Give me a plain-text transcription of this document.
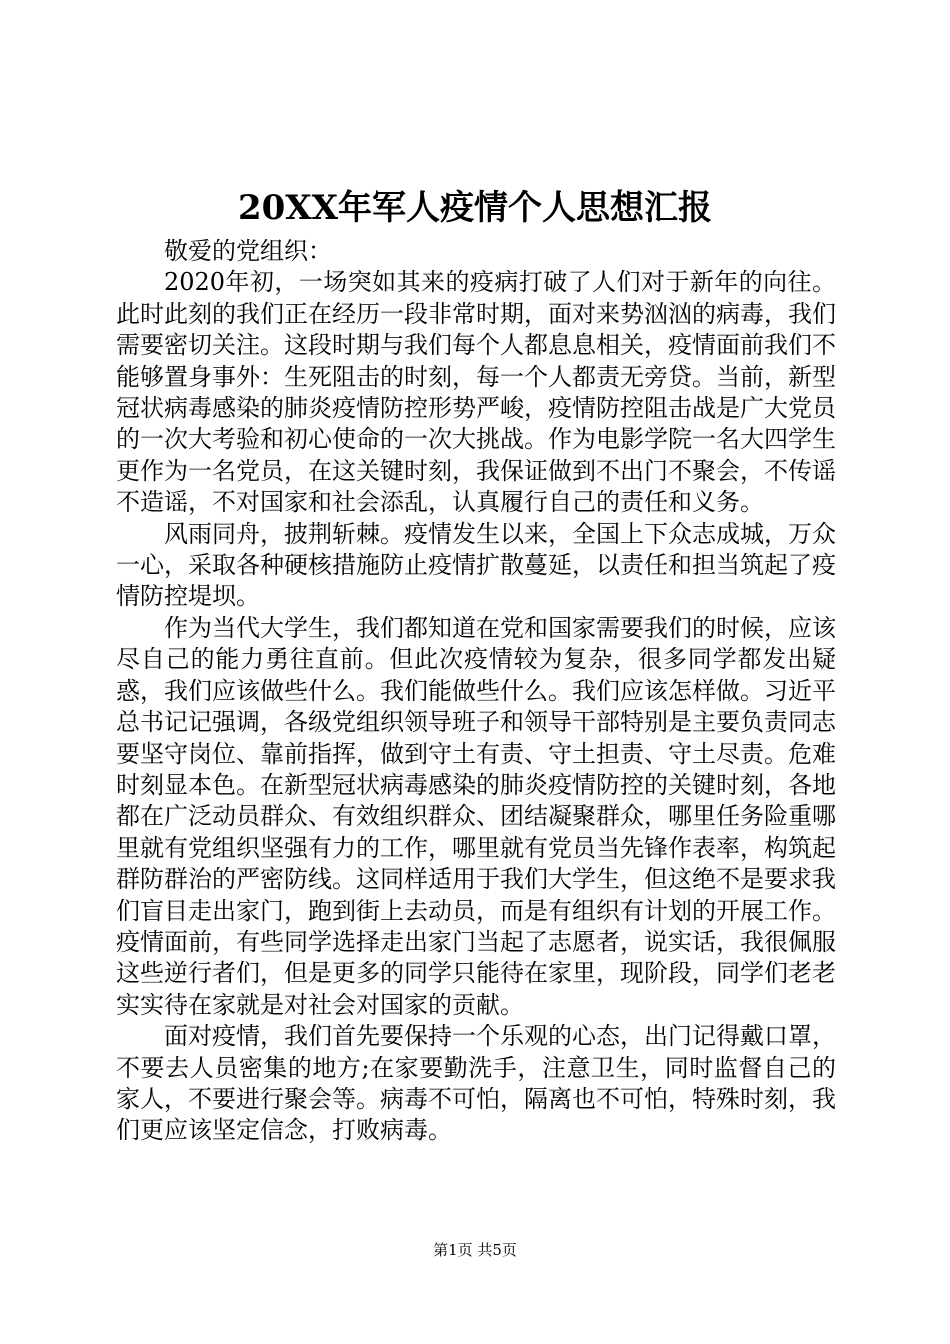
20XX年军人疫情个人思想汇报

敬爱的党组织：

2020年初，一场突如其来的疫病打破了人们对于新年的向往。此时此刻的我们正在经历一段非常时期，面对来势汹汹的病毒，我们需要密切关注。这段时期与我们每个人都息息相关，疫情面前我们不能够置身事外：生死阻击的时刻，每一个人都责无旁贷。当前，新型冠状病毒感染的肺炎疫情防控形势严峻，疫情防控阻击战是广大党员的一次大考验和初心使命的一次大挑战。作为电影学院一名大四学生更作为一名党员，在这关键时刻，我保证做到不出门不聚会，不传谣不造谣，不对国家和社会添乱，认真履行自己的责任和义务。

风雨同舟，披荆斩棘。疫情发生以来，全国上下众志成城，万众一心，采取各种硬核措施防止疫情扩散蔓延，以责任和担当筑起了疫情防控堤坝。

作为当代大学生，我们都知道在党和国家需要我们的时候，应该尽自己的能力勇往直前。但此次疫情较为复杂，很多同学都发出疑惑，我们应该做些什么。我们能做些什么。我们应该怎样做。习近平总书记记强调，各级党组织领导班子和领导干部特别是主要负责同志要坚守岗位、靠前指挥，做到守土有责、守土担责、守土尽责。危难时刻显本色。在新型冠状病毒感染的肺炎疫情防控的关键时刻，各地都在广泛动员群众、有效组织群众、团结凝聚群众，哪里任务险重哪里就有党组织坚强有力的工作，哪里就有党员当先锋作表率，构筑起群防群治的严密防线。这同样适用于我们大学生，但这绝不是要求我们盲目走出家门，跑到街上去动员，而是有组织有计划的开展工作。疫情面前，有些同学选择走出家门当起了志愿者，说实话，我很佩服这些逆行者们，但是更多的同学只能待在家里，现阶段，同学们老老实实待在家就是对社会对国家的贡献。

面对疫情，我们首先要保持一个乐观的心态，出门记得戴口罩，不要去人员密集的地方;在家要勤洗手，注意卫生，同时监督自己的家人，不要进行聚会等。病毒不可怕，隔离也不可怕，特殊时刻，我们更应该坚定信念，打败病毒。

第1页 共5页
